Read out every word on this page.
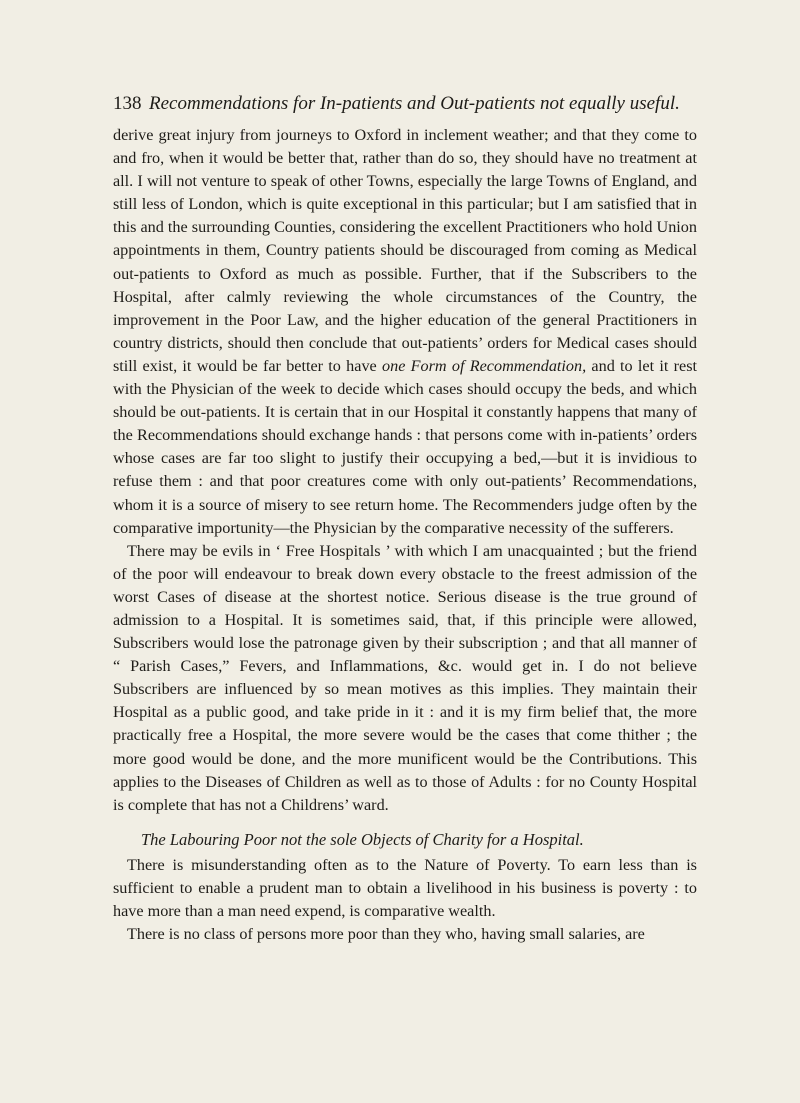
138 Recommendations for In-patients and Out-patients not equally useful.

derive great injury from journeys to Oxford in inclement weather; and that they come to and fro, when it would be better that, rather than do so, they should have no treatment at all. I will not venture to speak of other Towns, especially the large Towns of England, and still less of London, which is quite exceptional in this particular; but I am satisfied that in this and the surrounding Counties, considering the excellent Practitioners who hold Union appointments in them, Country patients should be discouraged from coming as Medical out-patients to Oxford as much as possible. Further, that if the Subscribers to the Hospital, after calmly reviewing the whole circumstances of the Country, the improvement in the Poor Law, and the higher education of the general Practitioners in country districts, should then conclude that out-patients’ orders for Medical cases should still exist, it would be far better to have one Form of Recommendation, and to let it rest with the Physician of the week to decide which cases should occupy the beds, and which should be out-patients. It is certain that in our Hospital it constantly happens that many of the Recommendations should exchange hands : that persons come with in-patients’ orders whose cases are far too slight to justify their occupying a bed,—but it is invidious to refuse them : and that poor creatures come with only out-patients’ Recommendations, whom it is a source of misery to see return home. The Recommenders judge often by the comparative importunity—the Physician by the comparative necessity of the sufferers.

There may be evils in ‘ Free Hospitals ’ with which I am unacquainted ; but the friend of the poor will endeavour to break down every obstacle to the freest admission of the worst Cases of disease at the shortest notice. Serious disease is the true ground of admission to a Hospital. It is sometimes said, that, if this principle were allowed, Subscribers would lose the patronage given by their subscription ; and that all manner of “ Parish Cases,” Fevers, and Inflammations, &c. would get in. I do not believe Subscribers are influenced by so mean motives as this implies. They maintain their Hospital as a public good, and take pride in it : and it is my firm belief that, the more practically free a Hospital, the more severe would be the cases that come thither ; the more good would be done, and the more munificent would be the Contributions. This applies to the Diseases of Children as well as to those of Adults : for no County Hospital is complete that has not a Childrens’ ward.

The Labouring Poor not the sole Objects of Charity for a Hospital.

There is misunderstanding often as to the Nature of Poverty. To earn less than is sufficient to enable a prudent man to obtain a livelihood in his business is poverty : to have more than a man need expend, is comparative wealth.

There is no class of persons more poor than they who, having small salaries, are
